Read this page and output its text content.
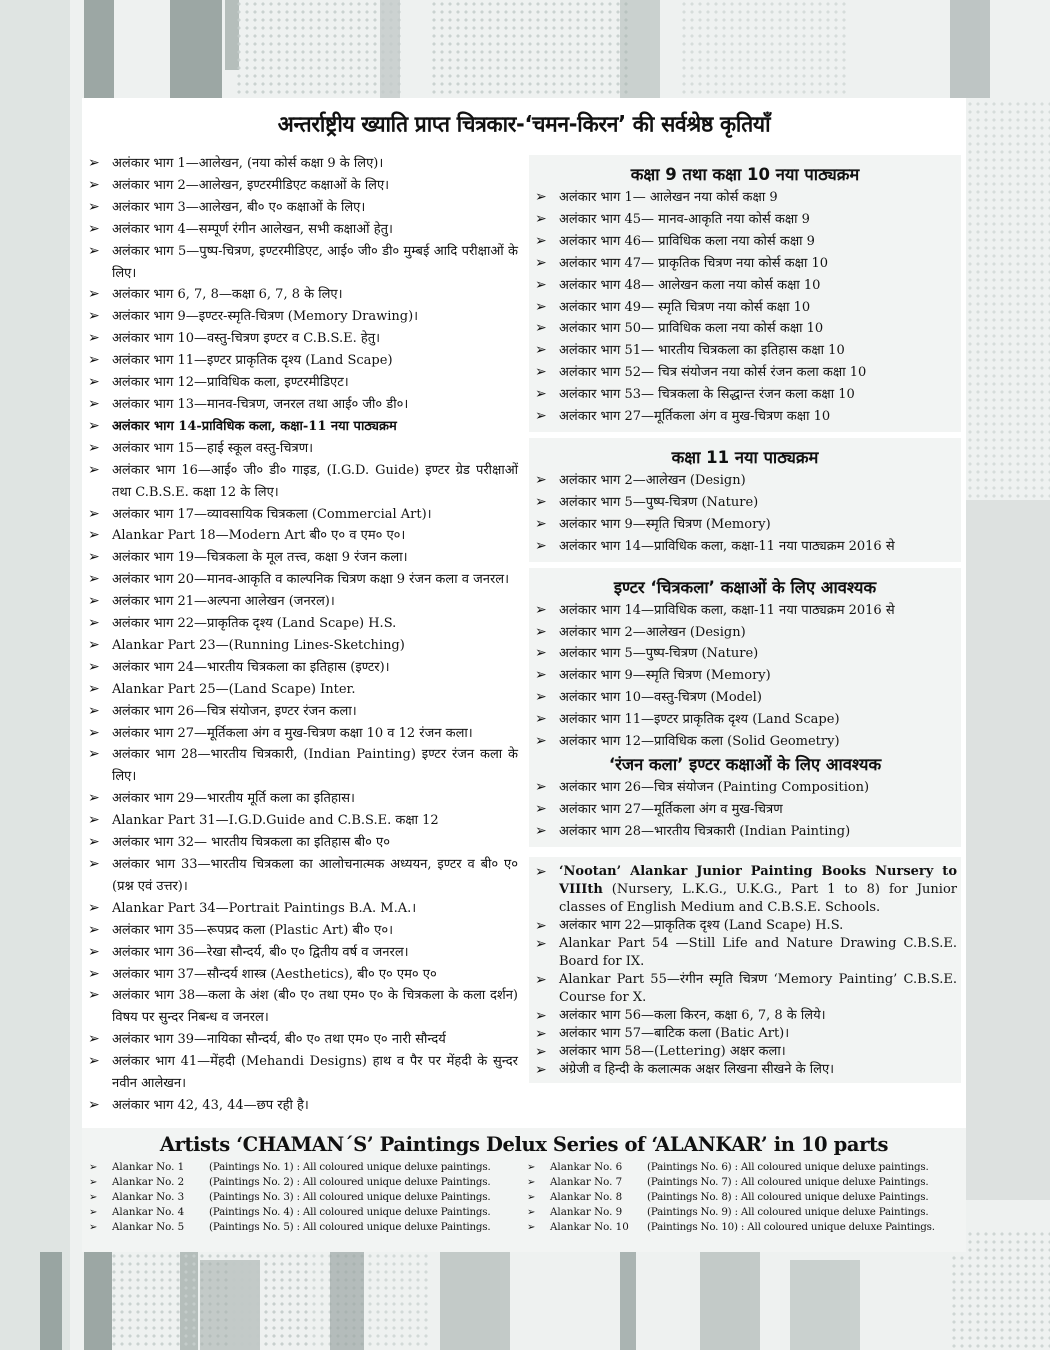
अन्तर्राष्ट्रीय ख्याति प्राप्त चित्रकार-‘चमन-किरन’ की सर्वश्रेष्ठ कृतियाँ
➢ अलंकार भाग 1—आलेखन, (नया कोर्स कक्षा 9 के लिए)।
➢ अलंकार भाग 2—आलेखन, इण्टरमीडिएट कक्षाओं के लिए।
➢ अलंकार भाग 3—आलेखन, बी० ए० कक्षाओं के लिए।
➢ अलंकार भाग 4—सम्पूर्ण रंगीन आलेखन, सभी कक्षाओं हेतु।
➢ अलंकार भाग 5—पुष्प-चित्रण, इण्टरमीडिएट, आई० जी० डी० मुम्बई आदि परीक्षाओं के लिए।
➢ अलंकार भाग 6, 7, 8—कक्षा 6, 7, 8 के लिए।
➢ अलंकार भाग 9—इण्टर-स्मृति-चित्रण (Memory Drawing)।
➢ अलंकार भाग 10—वस्तु-चित्रण इण्टर व C.B.S.E. हेतु।
➢ अलंकार भाग 11—इण्टर प्राकृतिक दृश्य (Land Scape)
➢ अलंकार भाग 12—प्राविधिक कला, इण्टरमीडिएट।
➢ अलंकार भाग 13—मानव-चित्रण, जनरल तथा आई० जी० डी०।
➢ अलंकार भाग 14-प्राविधिक कला, कक्षा-11 नया पाठ्यक्रम
➢ अलंकार भाग 15—हाई स्कूल वस्तु-चित्रण।
➢ अलंकार भाग 16—आई० जी० डी० गाइड, (I.G.D. Guide) इण्टर ग्रेड परीक्षाओं तथा C.B.S.E. कक्षा 12 के लिए।
➢ अलंकार भाग 17—व्यावसायिक चित्रकला (Commercial Art)।
➢ Alankar Part 18—Modern Art बी० ए० व एम० ए०।
➢ अलंकार भाग 19—चित्रकला के मूल तत्त्व, कक्षा 9 रंजन कला।
➢ अलंकार भाग 20—मानव-आकृति व काल्पनिक चित्रण कक्षा 9 रंजन कला व जनरल।
➢ अलंकार भाग 21—अल्पना आलेखन (जनरल)।
➢ अलंकार भाग 22—प्राकृतिक दृश्य (Land Scape) H.S.
➢ Alankar Part 23—(Running Lines-Sketching)
➢ अलंकार भाग 24—भारतीय चित्रकला का इतिहास (इण्टर)।
➢ Alankar Part 25—(Land Scape) Inter.
➢ अलंकार भाग 26—चित्र संयोजन, इण्टर रंजन कला।
➢ अलंकार भाग 27—मूर्तिकला अंग व मुख-चित्रण कक्षा 10 व 12 रंजन कला।
➢ अलंकार भाग 28—भारतीय चित्रकारी, (Indian Painting) इण्टर रंजन कला के लिए।
➢ अलंकार भाग 29—भारतीय मूर्ति कला का इतिहास।
➢ Alankar Part 31—I.G.D.Guide and C.B.S.E. कक्षा 12
➢ अलंकार भाग 32— भारतीय चित्रकला का इतिहास बी० ए०
➢ अलंकार भाग 33—भारतीय चित्रकला का आलोचनात्मक अध्ययन, इण्टर व बी० ए० (प्रश्न एवं उत्तर)।
➢ Alankar Part 34—Portrait Paintings B.A. M.A.।
➢ अलंकार भाग 35—रूपप्रद कला (Plastic Art) बी० ए०।
➢ अलंकार भाग 36—रेखा सौन्दर्य, बी० ए० द्वितीय वर्ष व जनरल।
➢ अलंकार भाग 37—सौन्दर्य शास्त्र (Aesthetics), बी० ए० एम० ए०
➢ अलंकार भाग 38—कला के अंश (बी० ए० तथा एम० ए० के चित्रकला के कला दर्शन) विषय पर सुन्दर निबन्ध व जनरल।
➢ अलंकार भाग 39—नायिका सौन्दर्य, बी० ए० तथा एम० ए० नारी सौन्दर्य
➢ अलंकार भाग 41—मेंहदी (Mehandi Designs) हाथ व पैर पर मेंहदी के सुन्दर नवीन आलेखन।
➢ अलंकार भाग 42, 43, 44—छप रही है।
कक्षा 9 तथा कक्षा 10 नया पाठ्यक्रम
➢ अलंकार भाग 1— आलेखन नया कोर्स कक्षा 9
➢ अलंकार भाग 45— मानव-आकृति नया कोर्स कक्षा 9
➢ अलंकार भाग 46— प्राविधिक कला नया कोर्स कक्षा 9
➢ अलंकार भाग 47— प्राकृतिक चित्रण नया कोर्स कक्षा 10
➢ अलंकार भाग 48— आलेखन कला नया कोर्स कक्षा 10
➢ अलंकार भाग 49— स्मृति चित्रण नया कोर्स कक्षा 10
➢ अलंकार भाग 50— प्राविधिक कला नया कोर्स कक्षा 10
➢ अलंकार भाग 51— भारतीय चित्रकला का इतिहास कक्षा 10
➢ अलंकार भाग 52— चित्र संयोजन नया कोर्स रंजन कला कक्षा 10
➢ अलंकार भाग 53— चित्रकला के सिद्धान्त रंजन कला कक्षा 10
➢ अलंकार भाग 27—मूर्तिकला अंग व मुख-चित्रण कक्षा 10
कक्षा 11 नया पाठ्यक्रम
➢ अलंकार भाग 2—आलेखन (Design)
➢ अलंकार भाग 5—पुष्प-चित्रण (Nature)
➢ अलंकार भाग 9—स्मृति चित्रण (Memory)
➢ अलंकार भाग 14—प्राविधिक कला, कक्षा-11 नया पाठ्यक्रम 2016 से
इण्टर ‘चित्रकला’ कक्षाओं के लिए आवश्यक
➢ अलंकार भाग 14—प्राविधिक कला, कक्षा-11 नया पाठ्यक्रम 2016 से
➢ अलंकार भाग 2—आलेखन (Design)
➢ अलंकार भाग 5—पुष्प-चित्रण (Nature)
➢ अलंकार भाग 9—स्मृति चित्रण (Memory)
➢ अलंकार भाग 10—वस्तु-चित्रण (Model)
➢ अलंकार भाग 11—इण्टर प्राकृतिक दृश्य (Land Scape)
➢ अलंकार भाग 12—प्राविधिक कला (Solid Geometry)
‘रंजन कला’ इण्टर कक्षाओं के लिए आवश्यक
➢ अलंकार भाग 26—चित्र संयोजन (Painting Composition)
➢ अलंकार भाग 27—मूर्तिकला अंग व मुख-चित्रण
➢ अलंकार भाग 28—भारतीय चित्रकारी (Indian Painting)
➢ ‘Nootan’ Alankar Junior Painting Books Nursery to VIIIth (Nursery, L.K.G., U.K.G., Part 1 to 8) for Junior classes of English Medium and C.B.S.E. Schools.
➢ अलंकार भाग 22—प्राकृतिक दृश्य (Land Scape) H.S.
➢ Alankar Part 54 —Still Life and Nature Drawing C.B.S.E. Board for IX.
➢ Alankar Part 55—रंगीन स्मृति चित्रण ‘Memory Painting’ C.B.S.E. Course for X.
➢ अलंकार भाग 56—कला किरन, कक्षा 6, 7, 8 के लिये।
➢ अलंकार भाग 57—बाटिक कला (Batic Art)।
➢ अलंकार भाग 58—(Lettering) अक्षर कला।
➢ अंग्रेजी व हिन्दी के कलात्मक अक्षर लिखना सीखने के लिए।
Artists ‘CHAMAN´S’ Paintings Delux Series of ‘ALANKAR’ in 10 parts
➢	Alankar No. 1	(Paintings No. 1) : All coloured unique deluxe paintings.
➢	Alankar No. 2	(Paintings No. 2) : All coloured unique deluxe Paintings.
➢	Alankar No. 3	(Paintings No. 3) : All coloured unique deluxe Paintings.
➢	Alankar No. 4	(Paintings No. 4) : All coloured unique deluxe Paintings.
➢	Alankar No. 5	(Paintings No. 5) : All coloured unique deluxe Paintings.
➢	Alankar No. 6	(Paintings No. 6) : All coloured unique deluxe paintings.
➢	Alankar No. 7	(Paintings No. 7) : All coloured unique deluxe Paintings.
➢	Alankar No. 8	(Paintings No. 8) : All coloured unique deluxe Paintings.
➢	Alankar No. 9	(Paintings No. 9) : All coloured unique deluxe Paintings.
➢	Alankar No. 10	(Paintings No. 10) : All coloured unique deluxe Paintings.
